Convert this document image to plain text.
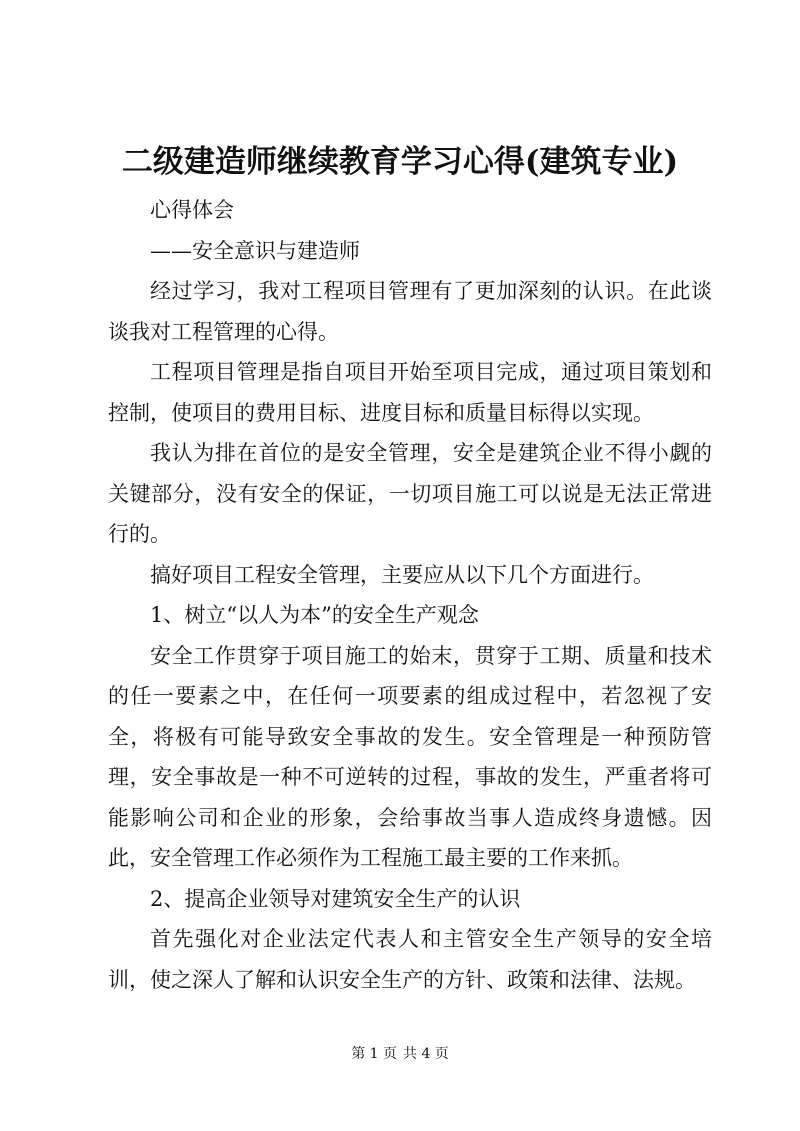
二级建造师继续教育学习心得(建筑专业)

心得体会

——安全意识与建造师

经过学习，我对工程项目管理有了更加深刻的认识。在此谈谈我对工程管理的心得。

工程项目管理是指自项目开始至项目完成，通过项目策划和控制，使项目的费用目标、进度目标和质量目标得以实现。

我认为排在首位的是安全管理，安全是建筑企业不得小觑的关键部分，没有安全的保证，一切项目施工可以说是无法正常进行的。

搞好项目工程安全管理，主要应从以下几个方面进行。

1、树立“以人为本”的安全生产观念

安全工作贯穿于项目施工的始末，贯穿于工期、质量和技术的任一要素之中，在任何一项要素的组成过程中，若忽视了安全，将极有可能导致安全事故的发生。安全管理是一种预防管理，安全事故是一种不可逆转的过程，事故的发生，严重者将可能影响公司和企业的形象，会给事故当事人造成终身遗憾。因此，安全管理工作必须作为工程施工最主要的工作来抓。

2、提高企业领导对建筑安全生产的认识

首先强化对企业法定代表人和主管安全生产领导的安全培训，使之深人了解和认识安全生产的方针、政策和法律、法规。

第 1 页 共 4 页
